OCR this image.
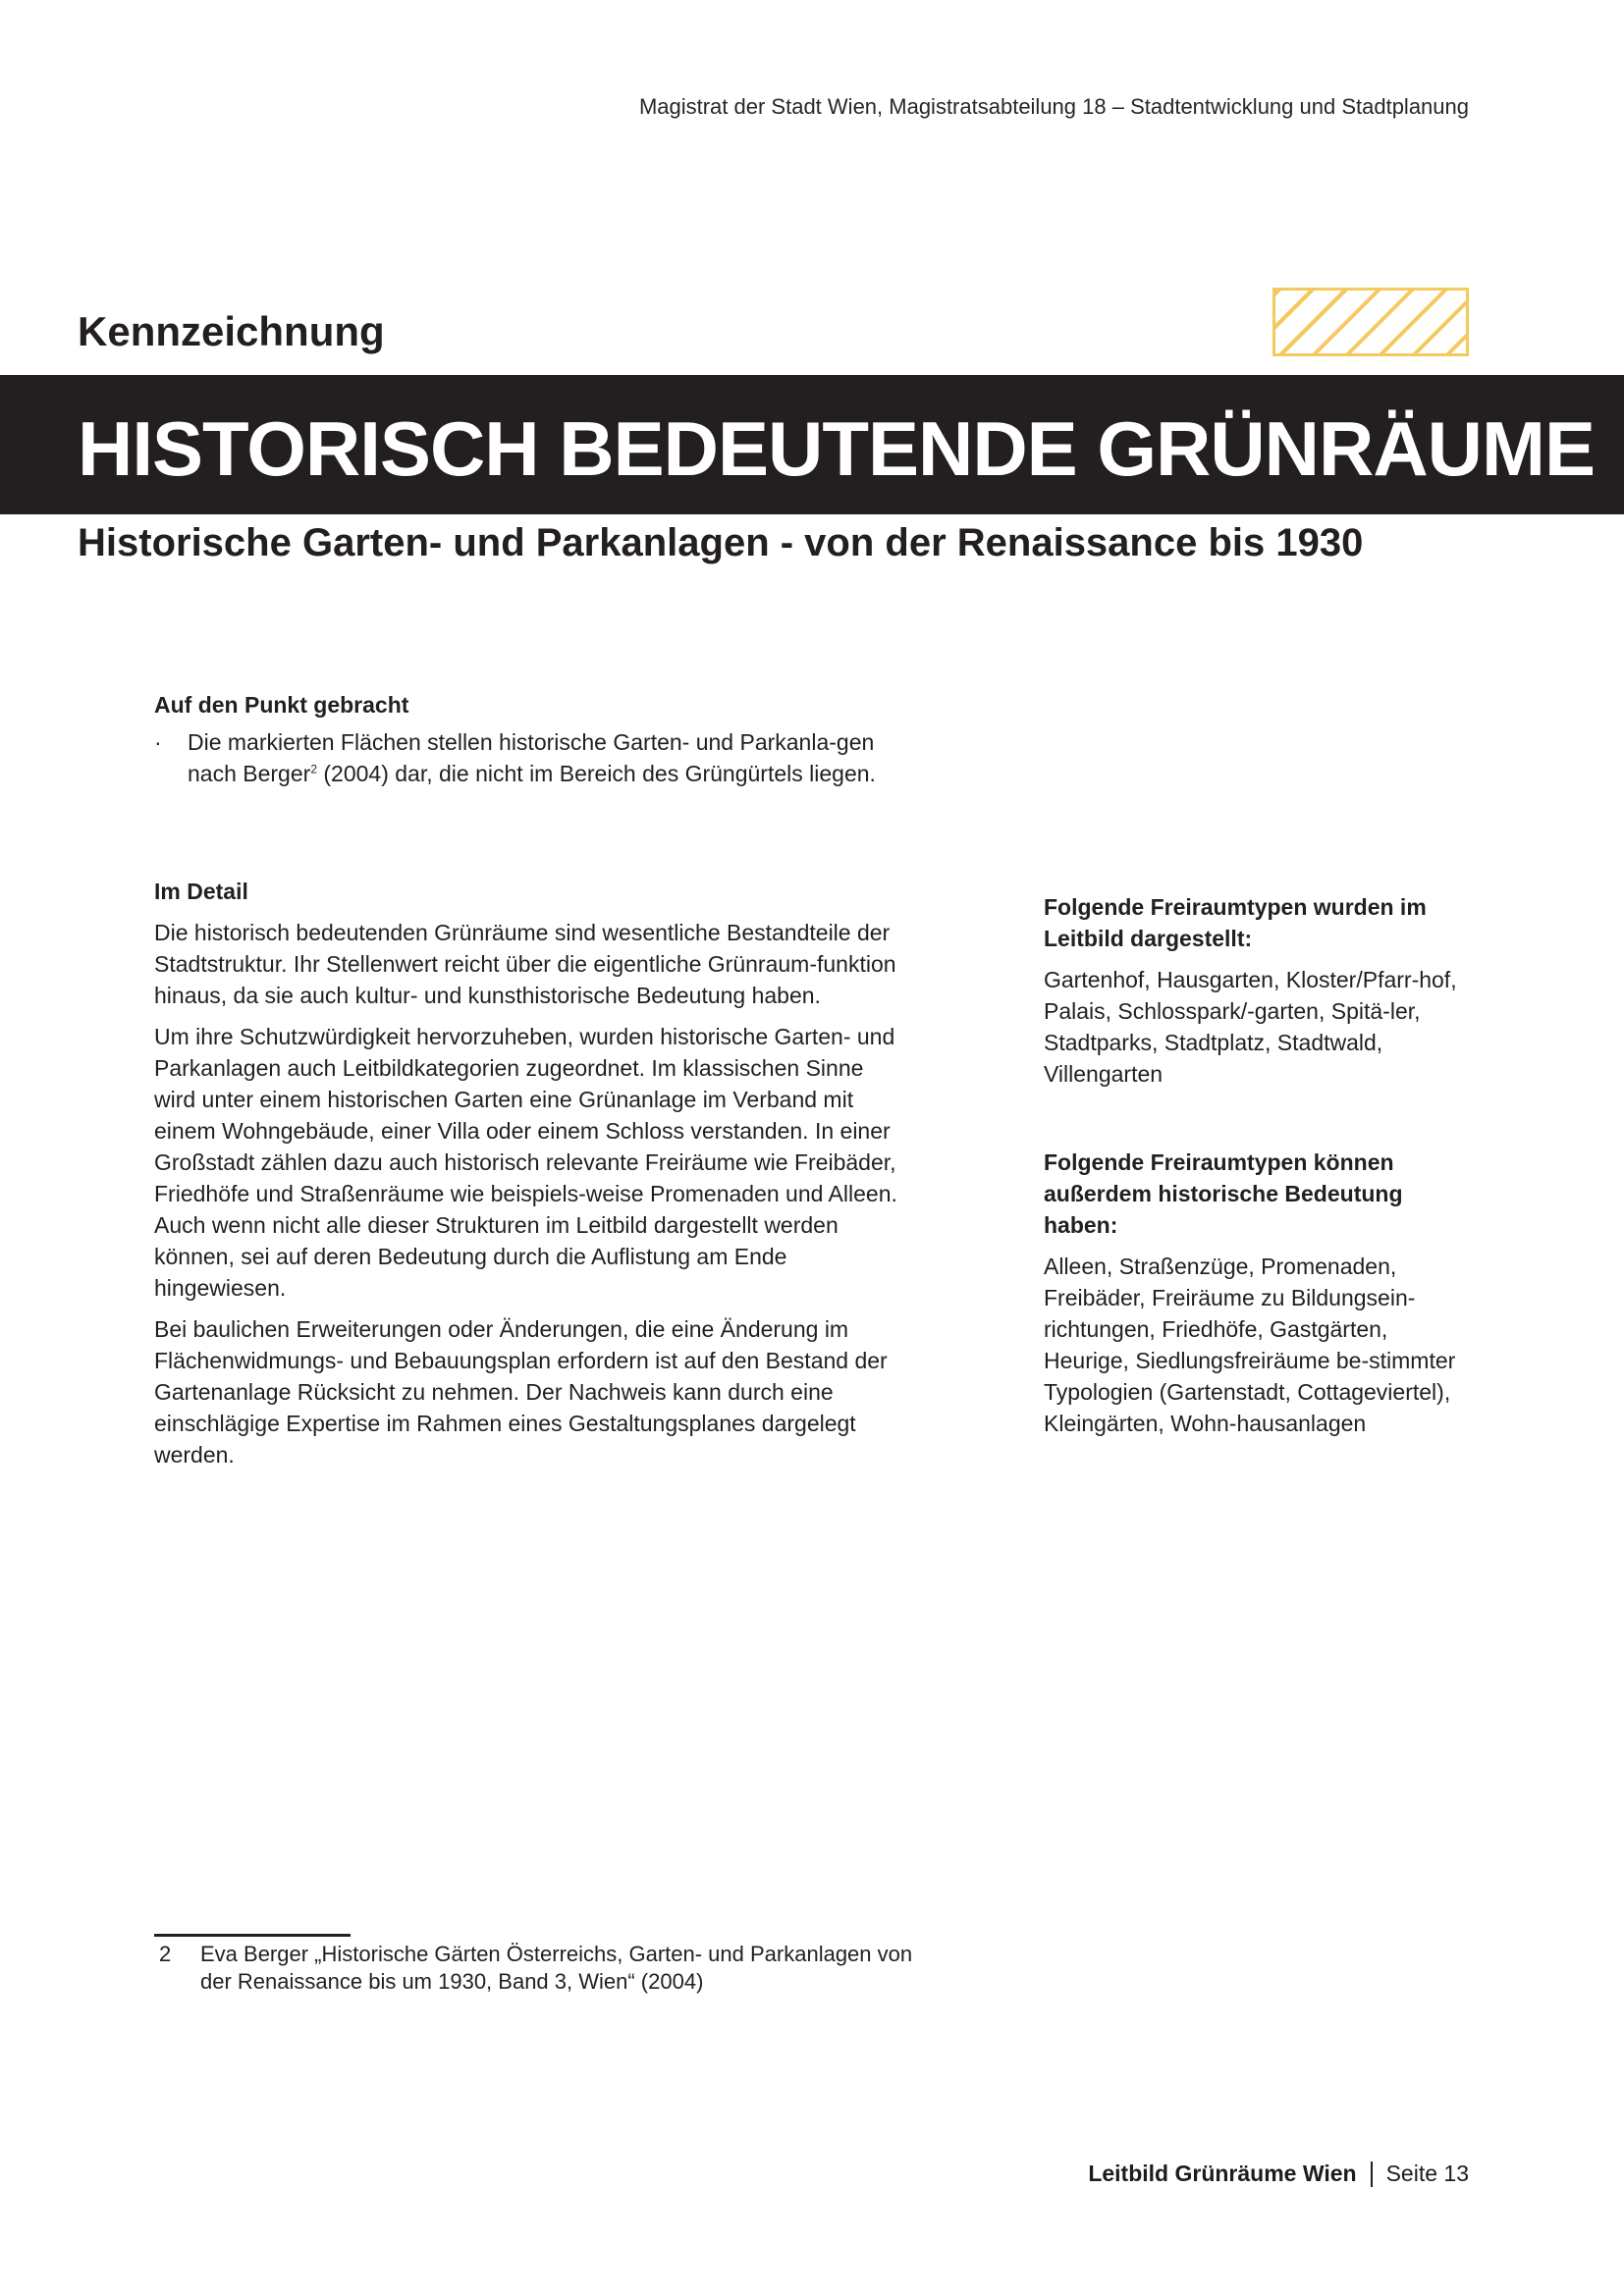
Magistrat der Stadt Wien, Magistratsabteilung 18 – Stadtentwicklung und Stadtplanung
Kennzeichnung
HISTORISCH BEDEUTENDE GRÜNRÄUME
Historische Garten- und Parkanlagen - von der Renaissance bis 1930

Auf den Punkt gebracht

·	Die markierten Flächen stellen historische Garten- und Parkanla-gen nach Berger$^2$ (2004) dar, die nicht im Bereich des Grüngürtels liegen.

Im Detail

Die historisch bedeutenden Grünräume sind wesentliche Bestandteile der Stadtstruktur. Ihr Stellenwert reicht über die eigentliche Grünraum-funktion hinaus, da sie auch kultur- und kunsthistorische Bedeutung haben.

Um ihre Schutzwürdigkeit hervorzuheben, wurden historische Garten- und Parkanlagen auch Leitbildkategorien zugeordnet. Im klassischen Sinne wird unter einem historischen Garten eine Grünanlage im Verband mit einem Wohngebäude, einer Villa oder einem Schloss verstanden. In einer Großstadt zählen dazu auch historisch relevante Freiräume wie Freibäder, Friedhöfe und Straßenräume wie beispiels-weise Promenaden und Alleen. Auch wenn nicht alle dieser Strukturen im Leitbild dargestellt werden können, sei auf deren Bedeutung durch die Auflistung am Ende hingewiesen.

Bei baulichen Erweiterungen oder Änderungen, die eine Änderung im Flächenwidmungs- und Bebauungsplan erfordern ist auf den Bestand der Gartenanlage Rücksicht zu nehmen. Der Nachweis kann durch eine einschlägige Expertise im Rahmen eines Gestaltungsplanes dargelegt werden.

Folgende Freiraumtypen wurden im Leitbild dargestellt:

Gartenhof, Hausgarten, Kloster/Pfarr-hof, Palais, Schlosspark/-garten, Spitä-ler, Stadtparks, Stadtplatz, Stadtwald, Villengarten

Folgende Freiraumtypen können außerdem historische Bedeutung haben:

Alleen, Straßenzüge, Promenaden, Freibäder, Freiräume zu Bildungsein-richtungen, Friedhöfe, Gastgärten, Heurige, Siedlungsfreiräume be-stimmter Typologien (Gartenstadt, Cottageviertel), Kleingärten, Wohn-hausanlagen

2	Eva Berger „Historische Gärten Österreichs, Garten- und Parkanlagen von der Renaissance bis um 1930, Band 3, Wien“ (2004)
Leitbild Grünräume Wien Seite 13
